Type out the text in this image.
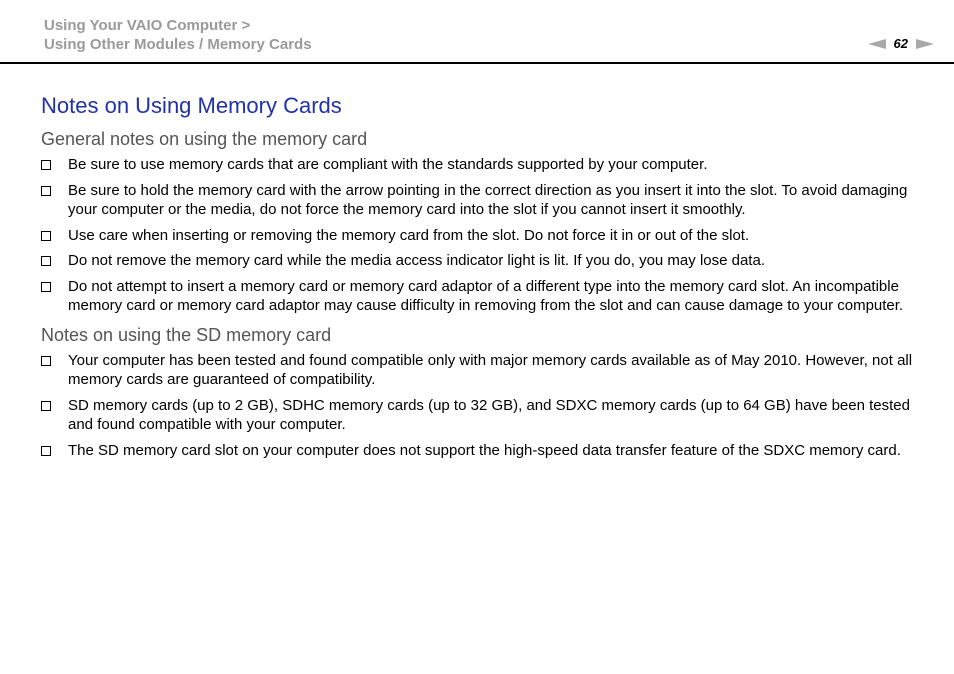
Using Your VAIO Computer >
Using Other Modules / Memory Cards	62
Notes on Using Memory Cards
General notes on using the memory card
Be sure to use memory cards that are compliant with the standards supported by your computer.
Be sure to hold the memory card with the arrow pointing in the correct direction as you insert it into the slot. To avoid damaging your computer or the media, do not force the memory card into the slot if you cannot insert it smoothly.
Use care when inserting or removing the memory card from the slot. Do not force it in or out of the slot.
Do not remove the memory card while the media access indicator light is lit. If you do, you may lose data.
Do not attempt to insert a memory card or memory card adaptor of a different type into the memory card slot. An incompatible memory card or memory card adaptor may cause difficulty in removing from the slot and can cause damage to your computer.
Notes on using the SD memory card
Your computer has been tested and found compatible only with major memory cards available as of May 2010. However, not all memory cards are guaranteed of compatibility.
SD memory cards (up to 2 GB), SDHC memory cards (up to 32 GB), and SDXC memory cards (up to 64 GB) have been tested and found compatible with your computer.
The SD memory card slot on your computer does not support the high-speed data transfer feature of the SDXC memory card.
